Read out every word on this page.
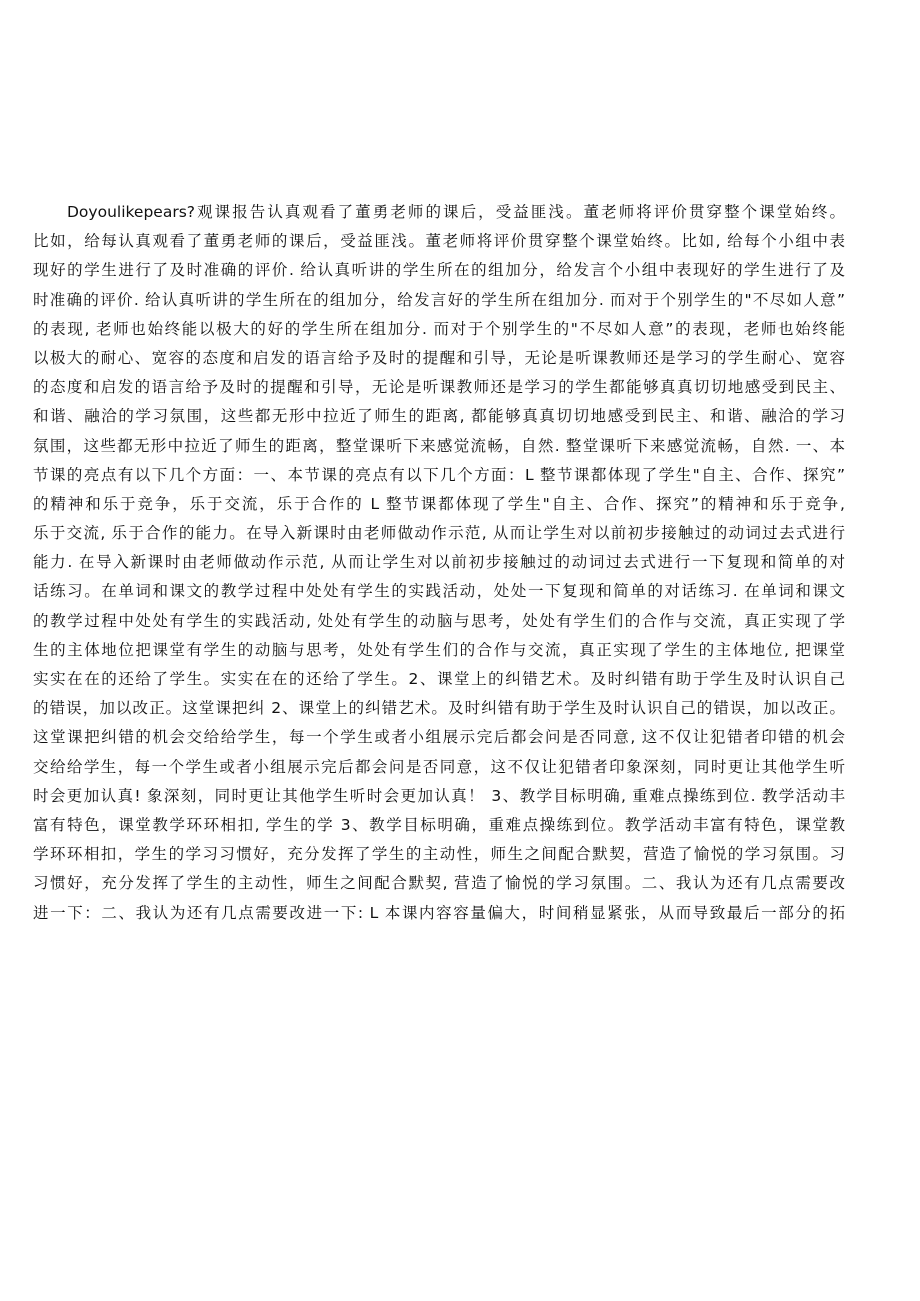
Doyoulikepears?观课报告认真观看了董勇老师的课后，受益匪浅。董老师将评价贯穿整个课堂始终。
比如，给每认真观看了董勇老师的课后，受益匪浅。董老师将评价贯穿整个课堂始终。比如, 给每个小组中表
现好的学生进行了及时准确的评价. 给认真听讲的学生所在的组加分，给发言个小组中表现好的学生进行了及
时准确的评价. 给认真听讲的学生所在的组加分，给发言好的学生所在组加分. 而对于个别学生的"不尽如人意”
的表现, 老师也始终能以极大的好的学生所在组加分. 而对于个别学生的"不尽如人意”的表现，老师也始终能
以极大的耐心、宽容的态度和启发的语言给予及时的提醒和引导，无论是听课教师还是学习的学生耐心、宽容
的态度和启发的语言给予及时的提醒和引导，无论是听课教师还是学习的学生都能够真真切切地感受到民主、
和谐、融洽的学习氛围，这些都无形中拉近了师生的距离, 都能够真真切切地感受到民主、和谐、融洽的学习
氛围，这些都无形中拉近了师生的距离，整堂课听下来感觉流畅，自然. 整堂课听下来感觉流畅，自然. 一、本
节课的亮点有以下几个方面：一、本节课的亮点有以下几个方面：L 整节课都体现了学生"自主、合作、探究”
的精神和乐于竞争，乐于交流，乐于合作的 L 整节课都体现了学生"自主、合作、探究”的精神和乐于竞争,
乐于交流, 乐于合作的能力。在导入新课时由老师做动作示范, 从而让学生对以前初步接触过的动词过去式进行
能力. 在导入新课时由老师做动作示范, 从而让学生对以前初步接触过的动词过去式进行一下复现和简单的对
话练习。在单词和课文的教学过程中处处有学生的实践活动，处处一下复现和简单的对话练习. 在单词和课文
的教学过程中处处有学生的实践活动, 处处有学生的动脑与思考，处处有学生们的合作与交流，真正实现了学
生的主体地位把课堂有学生的动脑与思考，处处有学生们的合作与交流，真正实现了学生的主体地位, 把课堂
实实在在的还给了学生。实实在在的还给了学生。2、课堂上的纠错艺术。及时纠错有助于学生及时认识自己
的错误，加以改正。这堂课把纠 2、课堂上的纠错艺术。及时纠错有助于学生及时认识自己的错误，加以改正。
这堂课把纠错的机会交给给学生，每一个学生或者小组展示完后都会问是否同意, 这不仅让犯错者印错的机会
交给给学生，每一个学生或者小组展示完后都会问是否同意，这不仅让犯错者印象深刻，同时更让其他学生听
时会更加认真! 象深刻，同时更让其他学生听时会更加认真！ 3、教学目标明确, 重难点操练到位. 教学活动丰
富有特色，课堂教学环环相扣, 学生的学 3、教学目标明确，重难点操练到位。教学活动丰富有特色，课堂教
学环环相扣，学生的学习习惯好，充分发挥了学生的主动性，师生之间配合默契，营造了愉悦的学习氛围。习
习惯好，充分发挥了学生的主动性，师生之间配合默契, 营造了愉悦的学习氛围。二、我认为还有几点需要改
进一下：二、我认为还有几点需要改进一下: L 本课内容容量偏大，时间稍显紧张，从而导致最后一部分的拓
